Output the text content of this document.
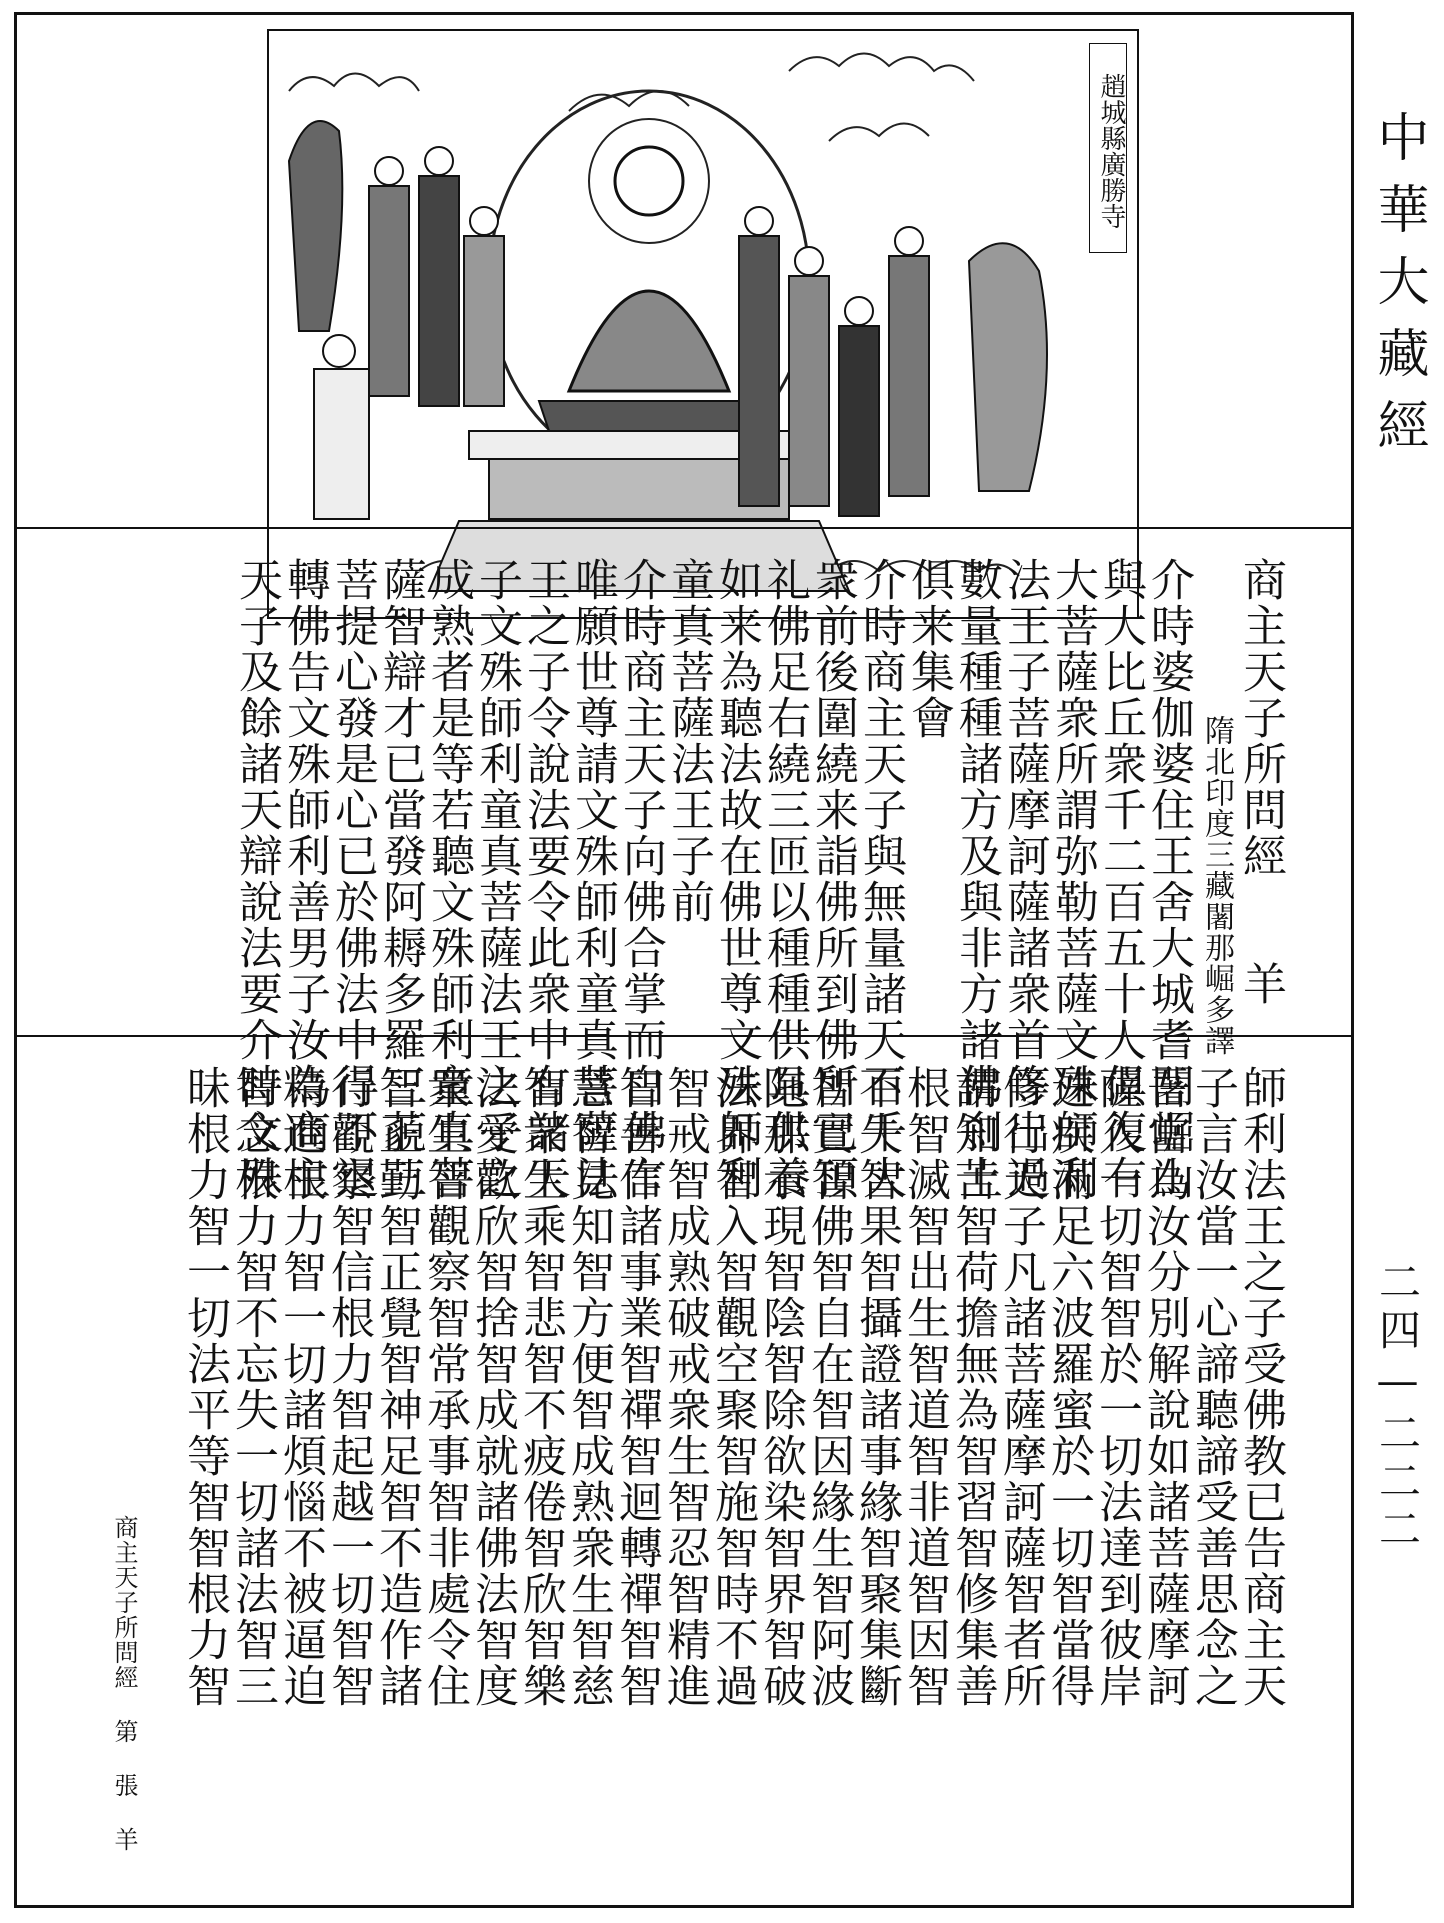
中華大藏經
二四—二二二
趙城縣廣勝寺
商主天子所問經
羊
隋北印度三藏闍那崛多譯
介時婆伽婆住王舍大城耆闍崛山
與大比丘衆千二百五十人俱復有
大菩薩衆所謂弥勒菩薩文殊師利
法王子菩薩摩訶薩諸衆首等出過
數量種種諸方及與非方諸佛刹土
俱来集會
介時商主天子與無量諸天百千大
衆前後圍繞来詣佛所到佛所已頂
礼佛足右繞三匝以種種供具供養
如来為聽法故在佛世尊文殊師利
童真菩薩法王子前
介時商主天子向佛合掌而白佛言
唯願世尊請文殊師利童真菩薩法
王之子令說法要令此衆中有諸天
子文殊師利童真菩薩法王之子之
成熟者是等若聽文殊師利童真菩
薩智辯才已當發阿耨多羅三藐三
菩提心發是心已於佛法中得不退
轉佛告文殊師利善男子汝為商主
天子及餘諸天辯說法要介時文殊
師利法王之子受佛教已告商主天
子言汝當一心諦聽諦受善思念之
吾當為汝分別解說如諸菩薩摩訶
薩入一切智智於一切法達到彼岸
速疾滿足六波羅蜜於一切智當得
修行天子凡諸菩薩摩訶薩智者所
謂知苦智荷擔無為智習智修集善
根智滅智出生智道智非道智因智
不失智果智攝證諸事緣智聚集斷
智實智佛智自在智因緣生智阿波
陁那示現智陰智除欲染智界智破
法界智入智觀空聚智施智時不過
智戒智成熟破戒衆生智忍智精進
智善作諸事業智禪智迴轉禪智智
慧智見知智方便智成熟衆生智慈
智衆生乘智悲智不疲倦智欣智樂
法愛歡欣智捨智成就諸佛法智度
衆生智觀察智常承事智非處令住
智正勤智正覺智神足智不造作諸
行觀察智信根力智起越一切智智
精進根力智一切諸煩惱不被逼迫
智念根力智不忘失一切諸法智三
昧根力智一切法平等智智根力智
商主天子所問經 第 張 羊
